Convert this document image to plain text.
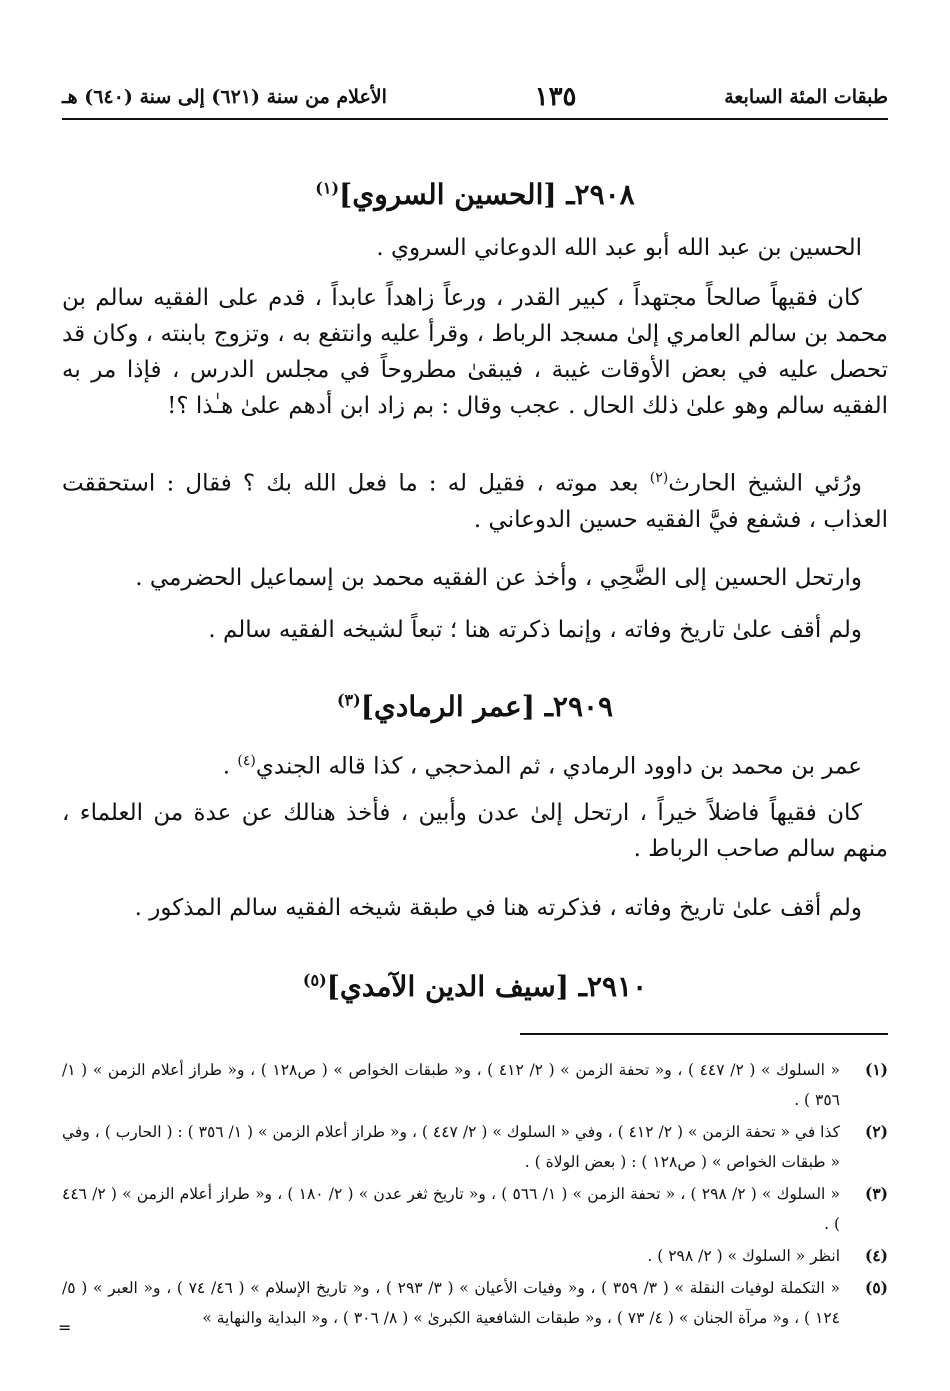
طبقات المئة السابعة
١٣٥
الأعلام من سنة (٦٢١) إلى سنة (٦٤٠) هـ
٢٩٠٨ـ [الحسين السروي]$^{(١)}$

الحسين بن عبد الله أبو عبد الله الدوعاني السروي .

كان فقيهاً صالحاً مجتهداً ، كبير القدر ، ورعاً زاهداً عابداً ، قدم على الفقيه سالم بن محمد بن سالم العامري إلىٰ مسجد الرباط ، وقرأ عليه وانتفع به ، وتزوج بابنته ، وكان قد تحصل عليه في بعض الأوقات غيبة ، فيبقىٰ مطروحاً في مجلس الدرس ، فإذا مر به الفقيه سالم وهو علىٰ ذلك الحال . عجب وقال : بم زاد ابن أدهم علىٰ هـٰذا ؟!

ورُئي الشيخ الحارث$^{(٢)}$ بعد موته ، فقيل له : ما فعل الله بك ؟ فقال : استحققت العذاب ، فشفع فيَّ الفقيه حسين الدوعاني .

وارتحل الحسين إلى الضَّحِي ، وأخذ عن الفقيه محمد بن إسماعيل الحضرمي .

ولم أقف علىٰ تاريخ وفاته ، وإنما ذكرته هنا ؛ تبعاً لشيخه الفقيه سالم .

٢٩٠٩ـ [عمر الرمادي]$^{(٣)}$

عمر بن محمد بن داوود الرمادي ، ثم المذحجي ، كذا قاله الجندي$^{(٤)}$ .

كان فقيهاً فاضلاً خيراً ، ارتحل إلىٰ عدن وأبين ، فأخذ هنالك عن عدة من العلماء ، منهم سالم صاحب الرباط .

ولم أقف علىٰ تاريخ وفاته ، فذكرته هنا في طبقة شيخه الفقيه سالم المذكور .

٢٩١٠ـ [سيف الدين الآمدي]$^{(٥)}$
(١)
« السلوك » ( ٢/ ٤٤٧ ) ، و« تحفة الزمن » ( ٢/ ٤١٢ ) ، و« طبقات الخواص » ( ص١٢٨ ) ، و« طراز أعلام الزمن » ( ١/ ٣٥٦ ) .
(٢)
كذا في « تحفة الزمن » ( ٢/ ٤١٢ ) ، وفي « السلوك » ( ٢/ ٤٤٧ ) ، و« طراز أعلام الزمن » ( ١/ ٣٥٦ ) : ( الحارب ) ، وفي « طبقات الخواص » ( ص١٢٨ ) : ( بعض الولاة ) .
(٣)
« السلوك » ( ٢/ ٢٩٨ ) ، « تحفة الزمن » ( ١/ ٥٦٦ ) ، و« تاريخ ثغر عدن » ( ٢/ ١٨٠ ) ، و« طراز أعلام الزمن » ( ٢/ ٤٤٦ ) .
(٤)
انظر « السلوك » ( ٢/ ٢٩٨ ) .
(٥)
« التكملة لوفيات النقلة » ( ٣/ ٣٥٩ ) ، و« وفيات الأعيان » ( ٣/ ٢٩٣ ) ، و« تاريخ الإسلام » ( ٤٦/ ٧٤ ) ، و« العبر » ( ٥/ ١٢٤ ) ، و« مرآة الجنان » ( ٤/ ٧٣ ) ، و« طبقات الشافعية الكبرىٰ » ( ٨/ ٣٠٦ ) ، و« البداية والنهاية »
=
